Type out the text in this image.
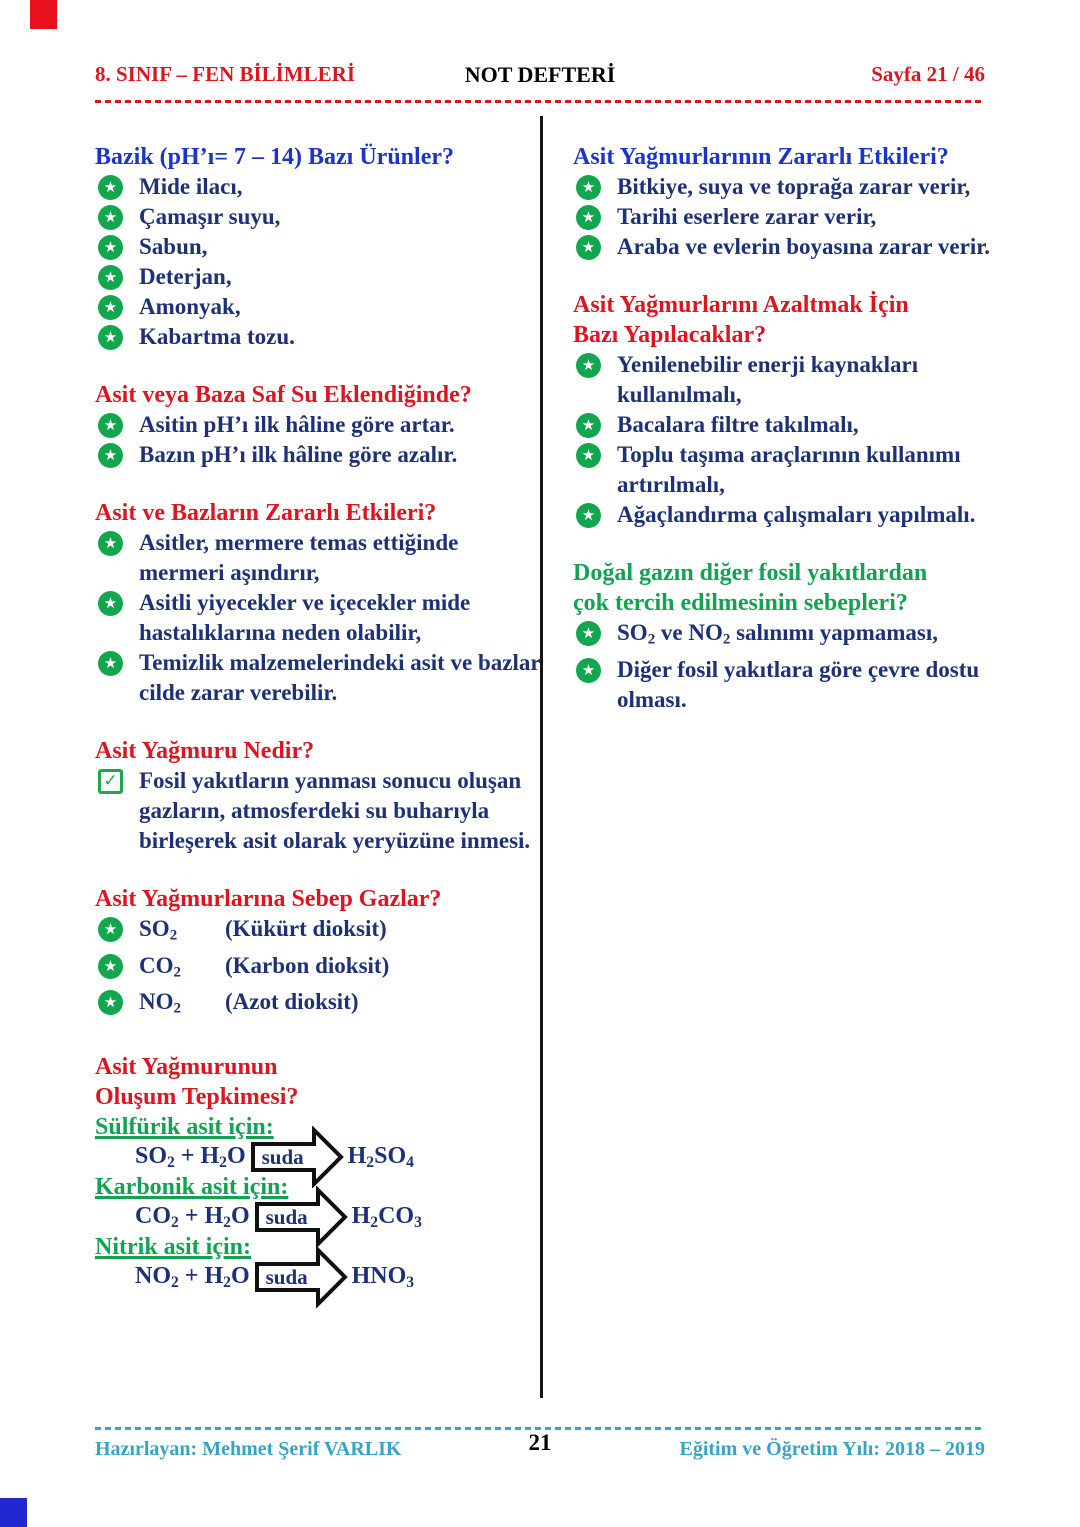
8. SINIF – FEN BİLİMLERİ	NOT DEFTERİ	Sayfa 21 / 46
Bazik (pH’ı= 7 – 14) Bazı Ürünler?
★ Mide ilacı,
★ Çamaşır suyu,
★ Sabun,
★ Deterjan,
★ Amonyak,
★ Kabartma tozu.
Asit veya Baza Saf Su Eklendiğinde?
★ Asitin pH’ı ilk hâline göre artar.
★ Bazın pH’ı ilk hâline göre azalır.
Asit ve Bazların Zararlı Etkileri?
★ Asitler, mermere temas ettiğinde mermeri aşındırır,
★ Asitli yiyecekler ve içecekler mide hastalıklarına neden olabilir,
★ Temizlik malzemelerindeki asit ve bazlar cilde zarar verebilir.
Asit Yağmuru Nedir?
✓ Fosil yakıtların yanması sonucu oluşan gazların, atmosferdeki su buharıyla birleşerek asit olarak yeryüzüne inmesi.
Asit Yağmurlarına Sebep Gazlar?
★ $SO_2$ (Kükürt dioksit)
★ $CO_2$ (Karbon dioksit)
★ $NO_2$ (Azot dioksit)
Asit Yağmurunun
Oluşum Tepkimesi?
Sülfürik asit için:
$SO_2 + H_2O$ suda	$H_2SO_4$
Karbonik asit için:
$CO_2 + H_2O$ suda	$H_2CO_3$
Nitrik asit için:
$NO_2 + H_2O$ suda	$HNO_3$
Asit Yağmurlarının Zararlı Etkileri?
★ Bitkiye, suya ve toprağa zarar verir,
★ Tarihi eserlere zarar verir,
★ Araba ve evlerin boyasına zarar verir.
Asit Yağmurlarını Azaltmak İçin
Bazı Yapılacaklar?
★ Yenilenebilir enerji kaynakları kullanılmalı,
★ Bacalara filtre takılmalı,
★ Toplu taşıma araçlarının kullanımı artırılmalı,
★ Ağaçlandırma çalışmaları yapılmalı.
Doğal gazın diğer fosil yakıtlardan
çok tercih edilmesinin sebepleri?
★ $SO_2$ ve $NO_2$ salınımı yapmaması,
★ Diğer fosil yakıtlara göre çevre dostu olması.
Hazırlayan: Mehmet Şerif VARLIK	21	Eğitim ve Öğretim Yılı: 2018 – 2019
